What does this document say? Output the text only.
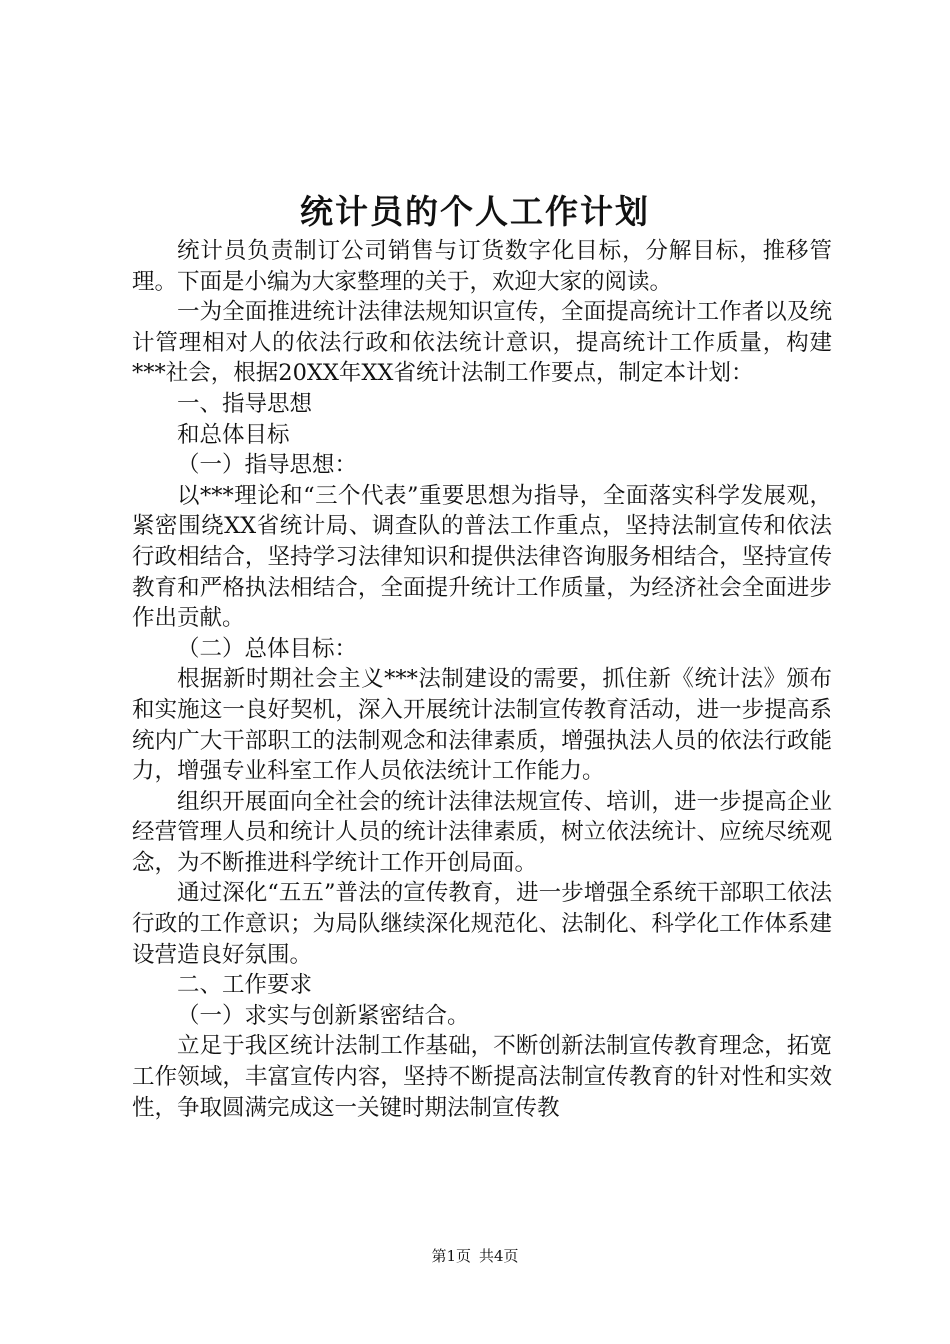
统计员的个人工作计划

统计员负责制订公司销售与订货数字化目标，分解目标，推移管理。下面是小编为大家整理的关于，欢迎大家的阅读。

一为全面推进统计法律法规知识宣传，全面提高统计工作者以及统计管理相对人的依法行政和依法统计意识，提高统计工作质量，构建***社会，根据20XX年XX省统计法制工作要点，制定本计划：

一、指导思想

和总体目标

（一）指导思想：

以***理论和“三个代表”重要思想为指导，全面落实科学发展观，紧密围绕XX省统计局、调查队的普法工作重点，坚持法制宣传和依法行政相结合，坚持学习法律知识和提供法律咨询服务相结合，坚持宣传教育和严格执法相结合，全面提升统计工作质量，为经济社会全面进步作出贡献。

（二）总体目标：

根据新时期社会主义***法制建设的需要，抓住新《统计法》颁布和实施这一良好契机，深入开展统计法制宣传教育活动，进一步提高系统内广大干部职工的法制观念和法律素质，增强执法人员的依法行政能力，增强专业科室工作人员依法统计工作能力。

组织开展面向全社会的统计法律法规宣传、培训，进一步提高企业经营管理人员和统计人员的统计法律素质，树立依法统计、应统尽统观念，为不断推进科学统计工作开创局面。

通过深化“五五”普法的宣传教育，进一步增强全系统干部职工依法行政的工作意识；为局队继续深化规范化、法制化、科学化工作体系建设营造良好氛围。

二、工作要求

（一）求实与创新紧密结合。

立足于我区统计法制工作基础，不断创新法制宣传教育理念，拓宽工作领域，丰富宣传内容，坚持不断提高法制宣传教育的针对性和实效性，争取圆满完成这一关键时期法制宣传教

第1页 共4页
